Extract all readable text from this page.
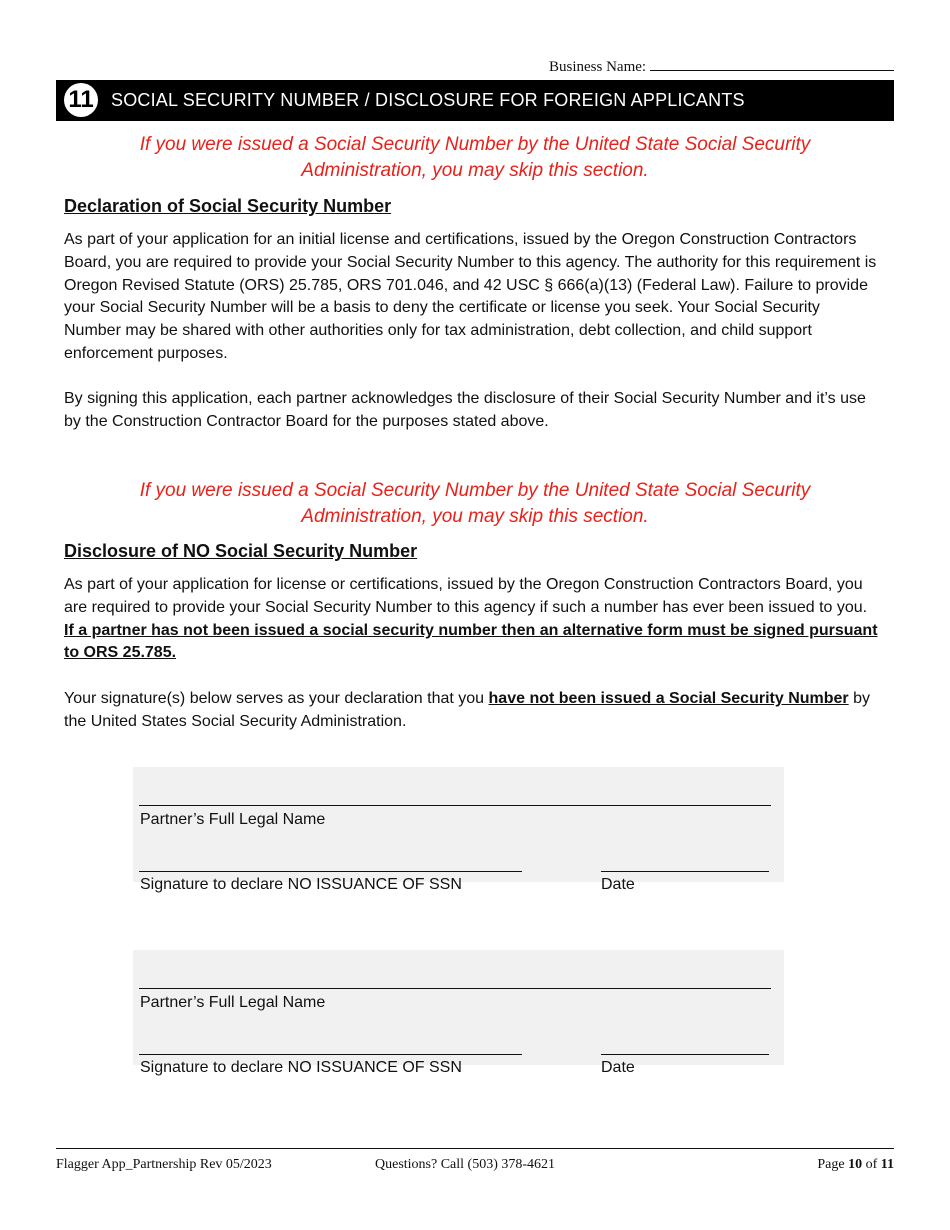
Business Name:
11 SOCIAL SECURITY NUMBER / DISCLOSURE FOR FOREIGN APPLICANTS
If you were issued a Social Security Number by the United State Social Security
Administration, you may skip this section.
Declaration of Social Security Number
As part of your application for an initial license and certifications, issued by the Oregon Construction Contractors Board, you are required to provide your Social Security Number to this agency. The authority for this requirement is Oregon Revised Statute (ORS) 25.785, ORS 701.046, and 42 USC § 666(a)(13) (Federal Law). Failure to provide your Social Security Number will be a basis to deny the certificate or license you seek. Your Social Security Number may be shared with other authorities only for tax administration, debt collection, and child support enforcement purposes.
By signing this application, each partner acknowledges the disclosure of their Social Security Number and it’s use by the Construction Contractor Board for the purposes stated above.
If you were issued a Social Security Number by the United State Social Security
Administration, you may skip this section.
Disclosure of NO Social Security Number
As part of your application for license or certifications, issued by the Oregon Construction Contractors Board, you are required to provide your Social Security Number to this agency if such a number has ever been issued to you. If a partner has not been issued a social security number then an alternative form must be signed pursuant to ORS 25.785.
Your signature(s) below serves as your declaration that you have not been issued a Social Security Number by the United States Social Security Administration.
Partner’s Full Legal Name
Signature to declare NO ISSUANCE OF SSN	Date
Partner’s Full Legal Name
Signature to declare NO ISSUANCE OF SSN	Date
Flagger App_Partnership Rev 05/2023	Questions? Call (503) 378-4621	Page 10 of 11
